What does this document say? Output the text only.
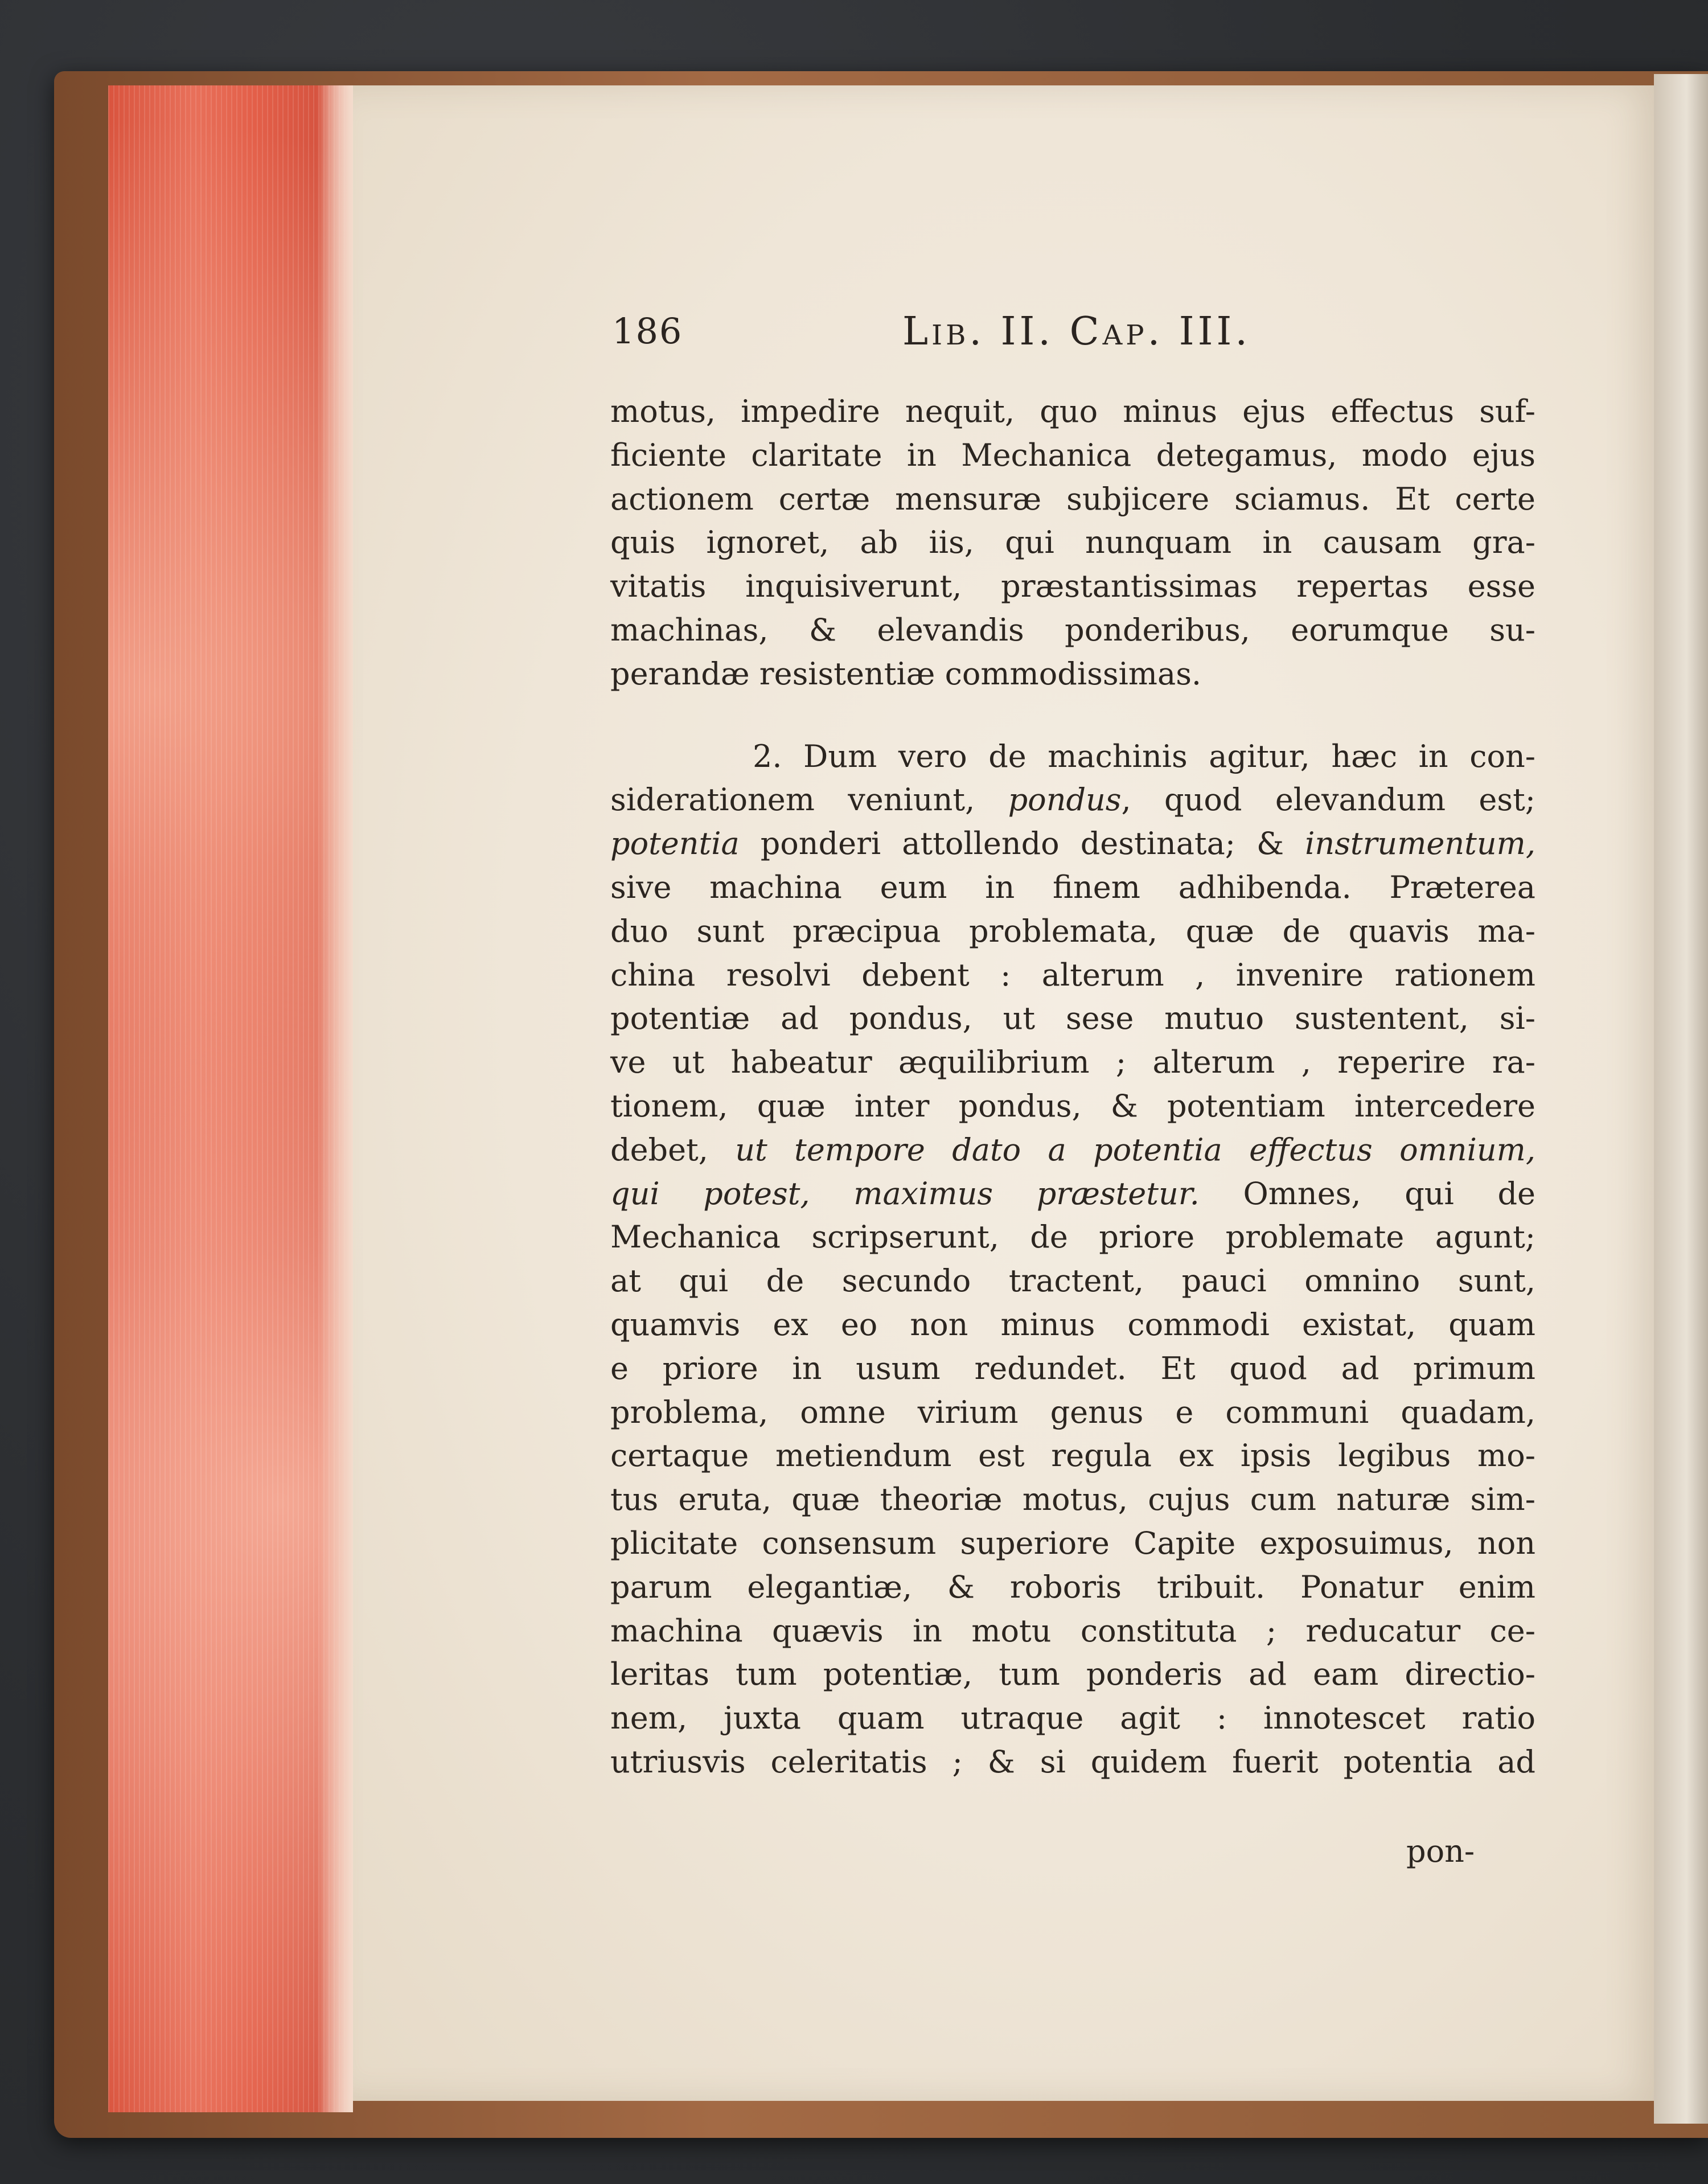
186	Lib. II. Cap. III.
motus, impedire nequit, quo minus ejus effectus suf-
ficiente claritate in Mechanica detegamus, modo ejus
actionem certæ mensuræ subjicere sciamus. Et certe
quis ignoret, ab iis, qui nunquam in causam gra-
vitatis inquisiverunt, præstantissimas repertas esse
machinas, & elevandis ponderibus, eorumque su-
perandæ resistentiæ commodissimas.
2. Dum vero de machinis agitur, hæc in con-
siderationem veniunt, pondus, quod elevandum est;
potentia ponderi attollendo destinata; & instrumentum,
sive machina eum in finem adhibenda. Præterea
duo sunt præcipua problemata, quæ de quavis ma-
china resolvi debent : alterum , invenire rationem
potentiæ ad pondus, ut sese mutuo sustentent, si-
ve ut habeatur æquilibrium ; alterum , reperire ra-
tionem, quæ inter pondus, & potentiam intercedere
debet, ut tempore dato a potentia effectus omnium,
qui potest, maximus præstetur. Omnes, qui de
Mechanica scripserunt, de priore problemate agunt;
at qui de secundo tractent, pauci omnino sunt,
quamvis ex eo non minus commodi existat, quam
e priore in usum redundet. Et quod ad primum
problema, omne virium genus e communi quadam,
certaque metiendum est regula ex ipsis legibus mo-
tus eruta, quæ theoriæ motus, cujus cum naturæ sim-
plicitate consensum superiore Capite exposuimus, non
parum elegantiæ, & roboris tribuit. Ponatur enim
machina quævis in motu constituta ; reducatur ce-
leritas tum potentiæ, tum ponderis ad eam directio-
nem, juxta quam utraque agit : innotescet ratio
utriusvis celeritatis ; & si quidem fuerit potentia ad
pon-
